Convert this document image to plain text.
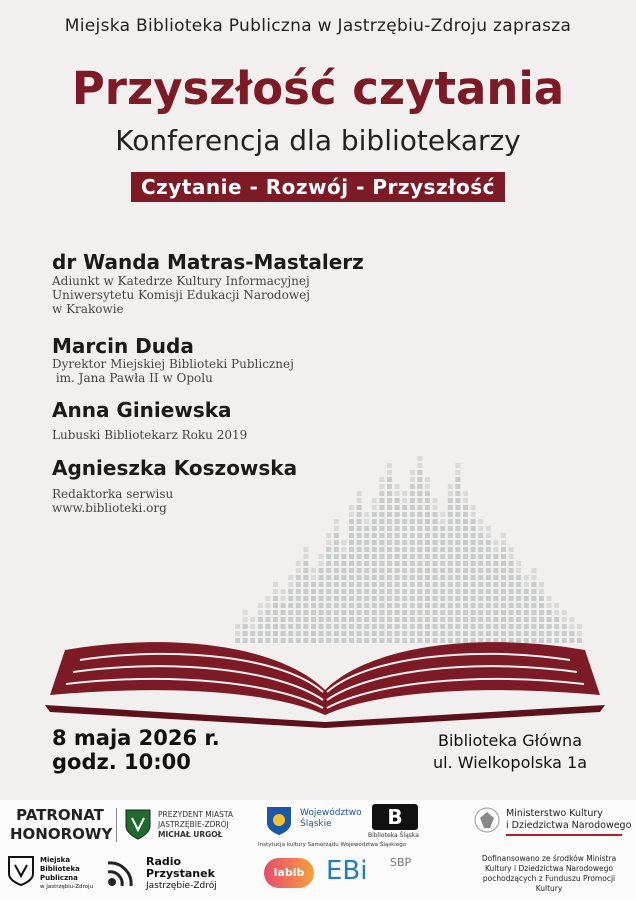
Miejska Biblioteka Publiczna w Jastrzębiu-Zdroju zaprasza
Przyszłość czytania
Konferencja dla bibliotekarzy
Czytanie - Rozwój - Przyszłość
dr Wanda Matras-Mastalerz
Adiunkt w Katedrze Kultury Informacyjnej
Uniwersytetu Komisji Edukacji Narodowej
w Krakowie
Marcin Duda
Dyrektor Miejskiej Biblioteki Publicznej
im. Jana Pawła II w Opolu
Anna Giniewska
Lubuski Bibliotekarz Roku 2019
Agnieszka Koszowska
Redaktorka serwisu
www.biblioteki.org
8 maja 2026 r.
godz. 10:00
Biblioteka Główna
ul. Wielkopolska 1a
PATRONAT
HONOROWY
PREZYDENT MIASTA
JASTRZĘBIE-ZDRÓJ
MICHAŁ URGOŁ
Województwo
Śląskie
Instytucja kultury Samorządu Województwa Śląskiego
B
Biblioteka Śląska
Ministerstwo Kultury
i Dziedzictwa Narodowego
Miejska
Biblioteka
Publiczna
w Jastrzębiu-Zdroju
Radio
Przystanek
Jastrzębie-Zdrój
labib EBi SBP	Dofinansowano ze środków Ministra
Kultury i Dziedzictwa Narodowego
pochodzących z Funduszu Promocji
Kultury
